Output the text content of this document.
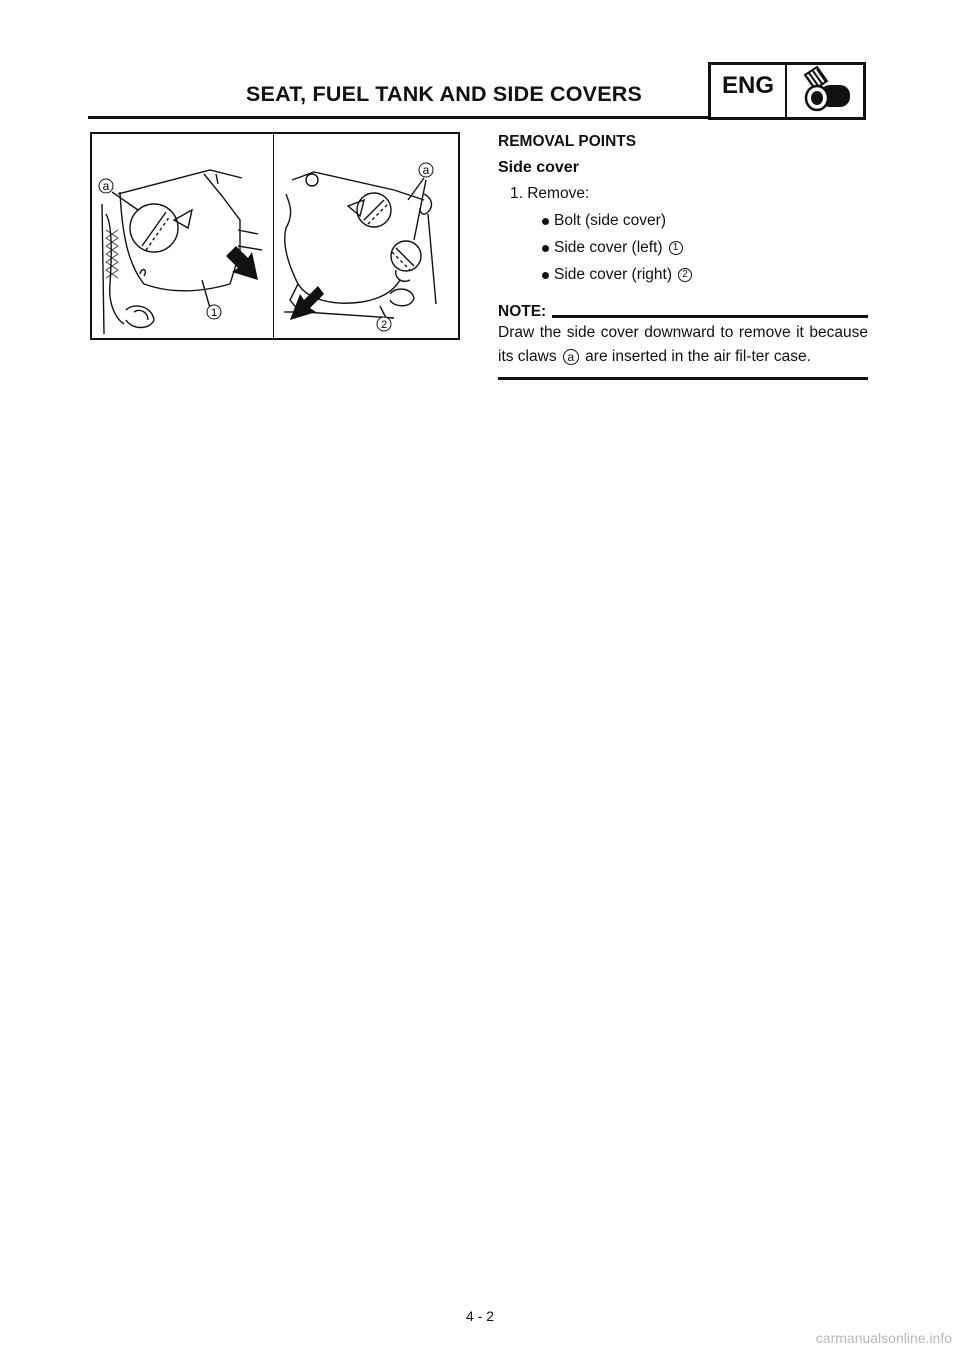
SEAT, FUEL TANK AND SIDE COVERS	ENG
a
1
a
2

REMOVAL POINTS

Side cover

1. Remove:

Bolt (side cover)

Side cover (left)	1

Side cover (right)	2

NOTE:

Draw the side cover downward to remove it because its claws a are inserted in the air fil-ter case.

4 - 2
carmanualsonline.info
